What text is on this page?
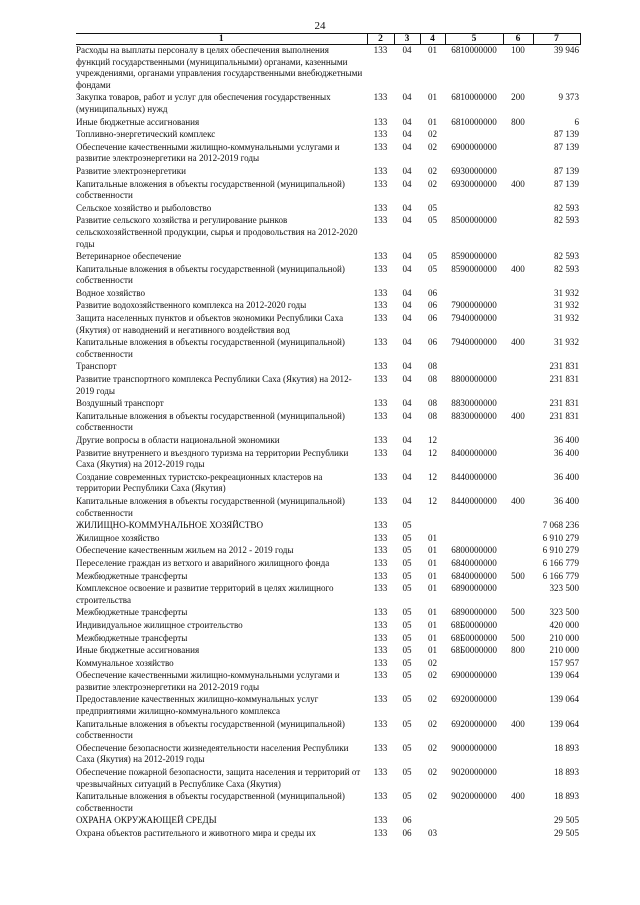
24
1	2	3	4	5	6	7
Расходы на выплаты персоналу в целях обеспечения выполнения функций государственными (муниципальными) органами, казенными учреждениями, органами управления государственными внебюджетными фондами	133	04	01	6810000000	100	39 946
Закупка товаров, работ и услуг для обеспечения государственных (муниципальных) нужд	133	04	01	6810000000	200	9 373
Иные бюджетные ассигнования	133	04	01	6810000000	800	6
Топливно-энергетический комплекс	133	04	02			87 139
Обеспечение качественными жилищно-коммунальными услугами и развитие электроэнергетики на 2012-2019 годы	133	04	02	6900000000		87 139
Развитие электроэнергетики	133	04	02	6930000000		87 139
Капитальные вложения в объекты государственной (муниципальной) собственности	133	04	02	6930000000	400	87 139
Сельское хозяйство и рыболовство	133	04	05			82 593
Развитие сельского хозяйства и регулирование рынков сельскохозяйственной продукции, сырья и продовольствия на 2012-2020 годы	133	04	05	8500000000		82 593
Ветеринарное обеспечение	133	04	05	8590000000		82 593
Капитальные вложения в объекты государственной (муниципальной) собственности	133	04	05	8590000000	400	82 593
Водное хозяйство	133	04	06			31 932
Развитие водохозяйственного комплекса на 2012-2020 годы	133	04	06	7900000000		31 932
Защита населенных пунктов и объектов экономики Республики Саха (Якутия) от наводнений и негативного воздействия вод	133	04	06	7940000000		31 932
Капитальные вложения в объекты государственной (муниципальной) собственности	133	04	06	7940000000	400	31 932
Транспорт	133	04	08			231 831
Развитие транспортного комплекса Республики Саха (Якутия) на 2012-2019 годы	133	04	08	8800000000		231 831
Воздушный транспорт	133	04	08	8830000000		231 831
Капитальные вложения в объекты государственной (муниципальной) собственности	133	04	08	8830000000	400	231 831
Другие вопросы в области национальной экономики	133	04	12			36 400
Развитие внутреннего и въездного туризма на территории Республики Саха (Якутия) на 2012-2019 годы	133	04	12	8400000000		36 400
Создание современных туристско-рекреационных кластеров на территории Республики Саха (Якутия)	133	04	12	8440000000		36 400
Капитальные вложения в объекты государственной (муниципальной) собственности	133	04	12	8440000000	400	36 400
ЖИЛИЩНО-КОММУНАЛЬНОЕ ХОЗЯЙСТВО	133	05				7 068 236
Жилищное хозяйство	133	05	01			6 910 279
Обеспечение качественным жильем на 2012 - 2019 годы	133	05	01	6800000000		6 910 279
Переселение граждан из ветхого и аварийного жилищного фонда	133	05	01	6840000000		6 166 779
Межбюджетные трансферты	133	05	01	6840000000	500	6 166 779
Комплексное освоение и развитие территорий в целях жилищного строительства	133	05	01	6890000000		323 500
Межбюджетные трансферты	133	05	01	6890000000	500	323 500
Индивидуальное жилищное строительство	133	05	01	68Б0000000		420 000
Межбюджетные трансферты	133	05	01	68Б0000000	500	210 000
Иные бюджетные ассигнования	133	05	01	68Б0000000	800	210 000
Коммунальное хозяйство	133	05	02			157 957
Обеспечение качественными жилищно-коммунальными услугами и развитие электроэнергетики на 2012-2019 годы	133	05	02	6900000000		139 064
Предоставление качественных жилищно-коммунальных услуг предприятиями жилищно-коммунального комплекса	133	05	02	6920000000		139 064
Капитальные вложения в объекты государственной (муниципальной) собственности	133	05	02	6920000000	400	139 064
Обеспечение безопасности жизнедеятельности населения Республики Саха (Якутия) на 2012-2019 годы	133	05	02	9000000000		18 893
Обеспечение пожарной безопасности, защита населения и территорий от чрезвычайных ситуаций в Республике Саха (Якутия)	133	05	02	9020000000		18 893
Капитальные вложения в объекты государственной (муниципальной) собственности	133	05	02	9020000000	400	18 893
ОХРАНА ОКРУЖАЮЩЕЙ СРЕДЫ	133	06				29 505
Охрана объектов растительного и животного мира и среды их	133	06	03			29 505
